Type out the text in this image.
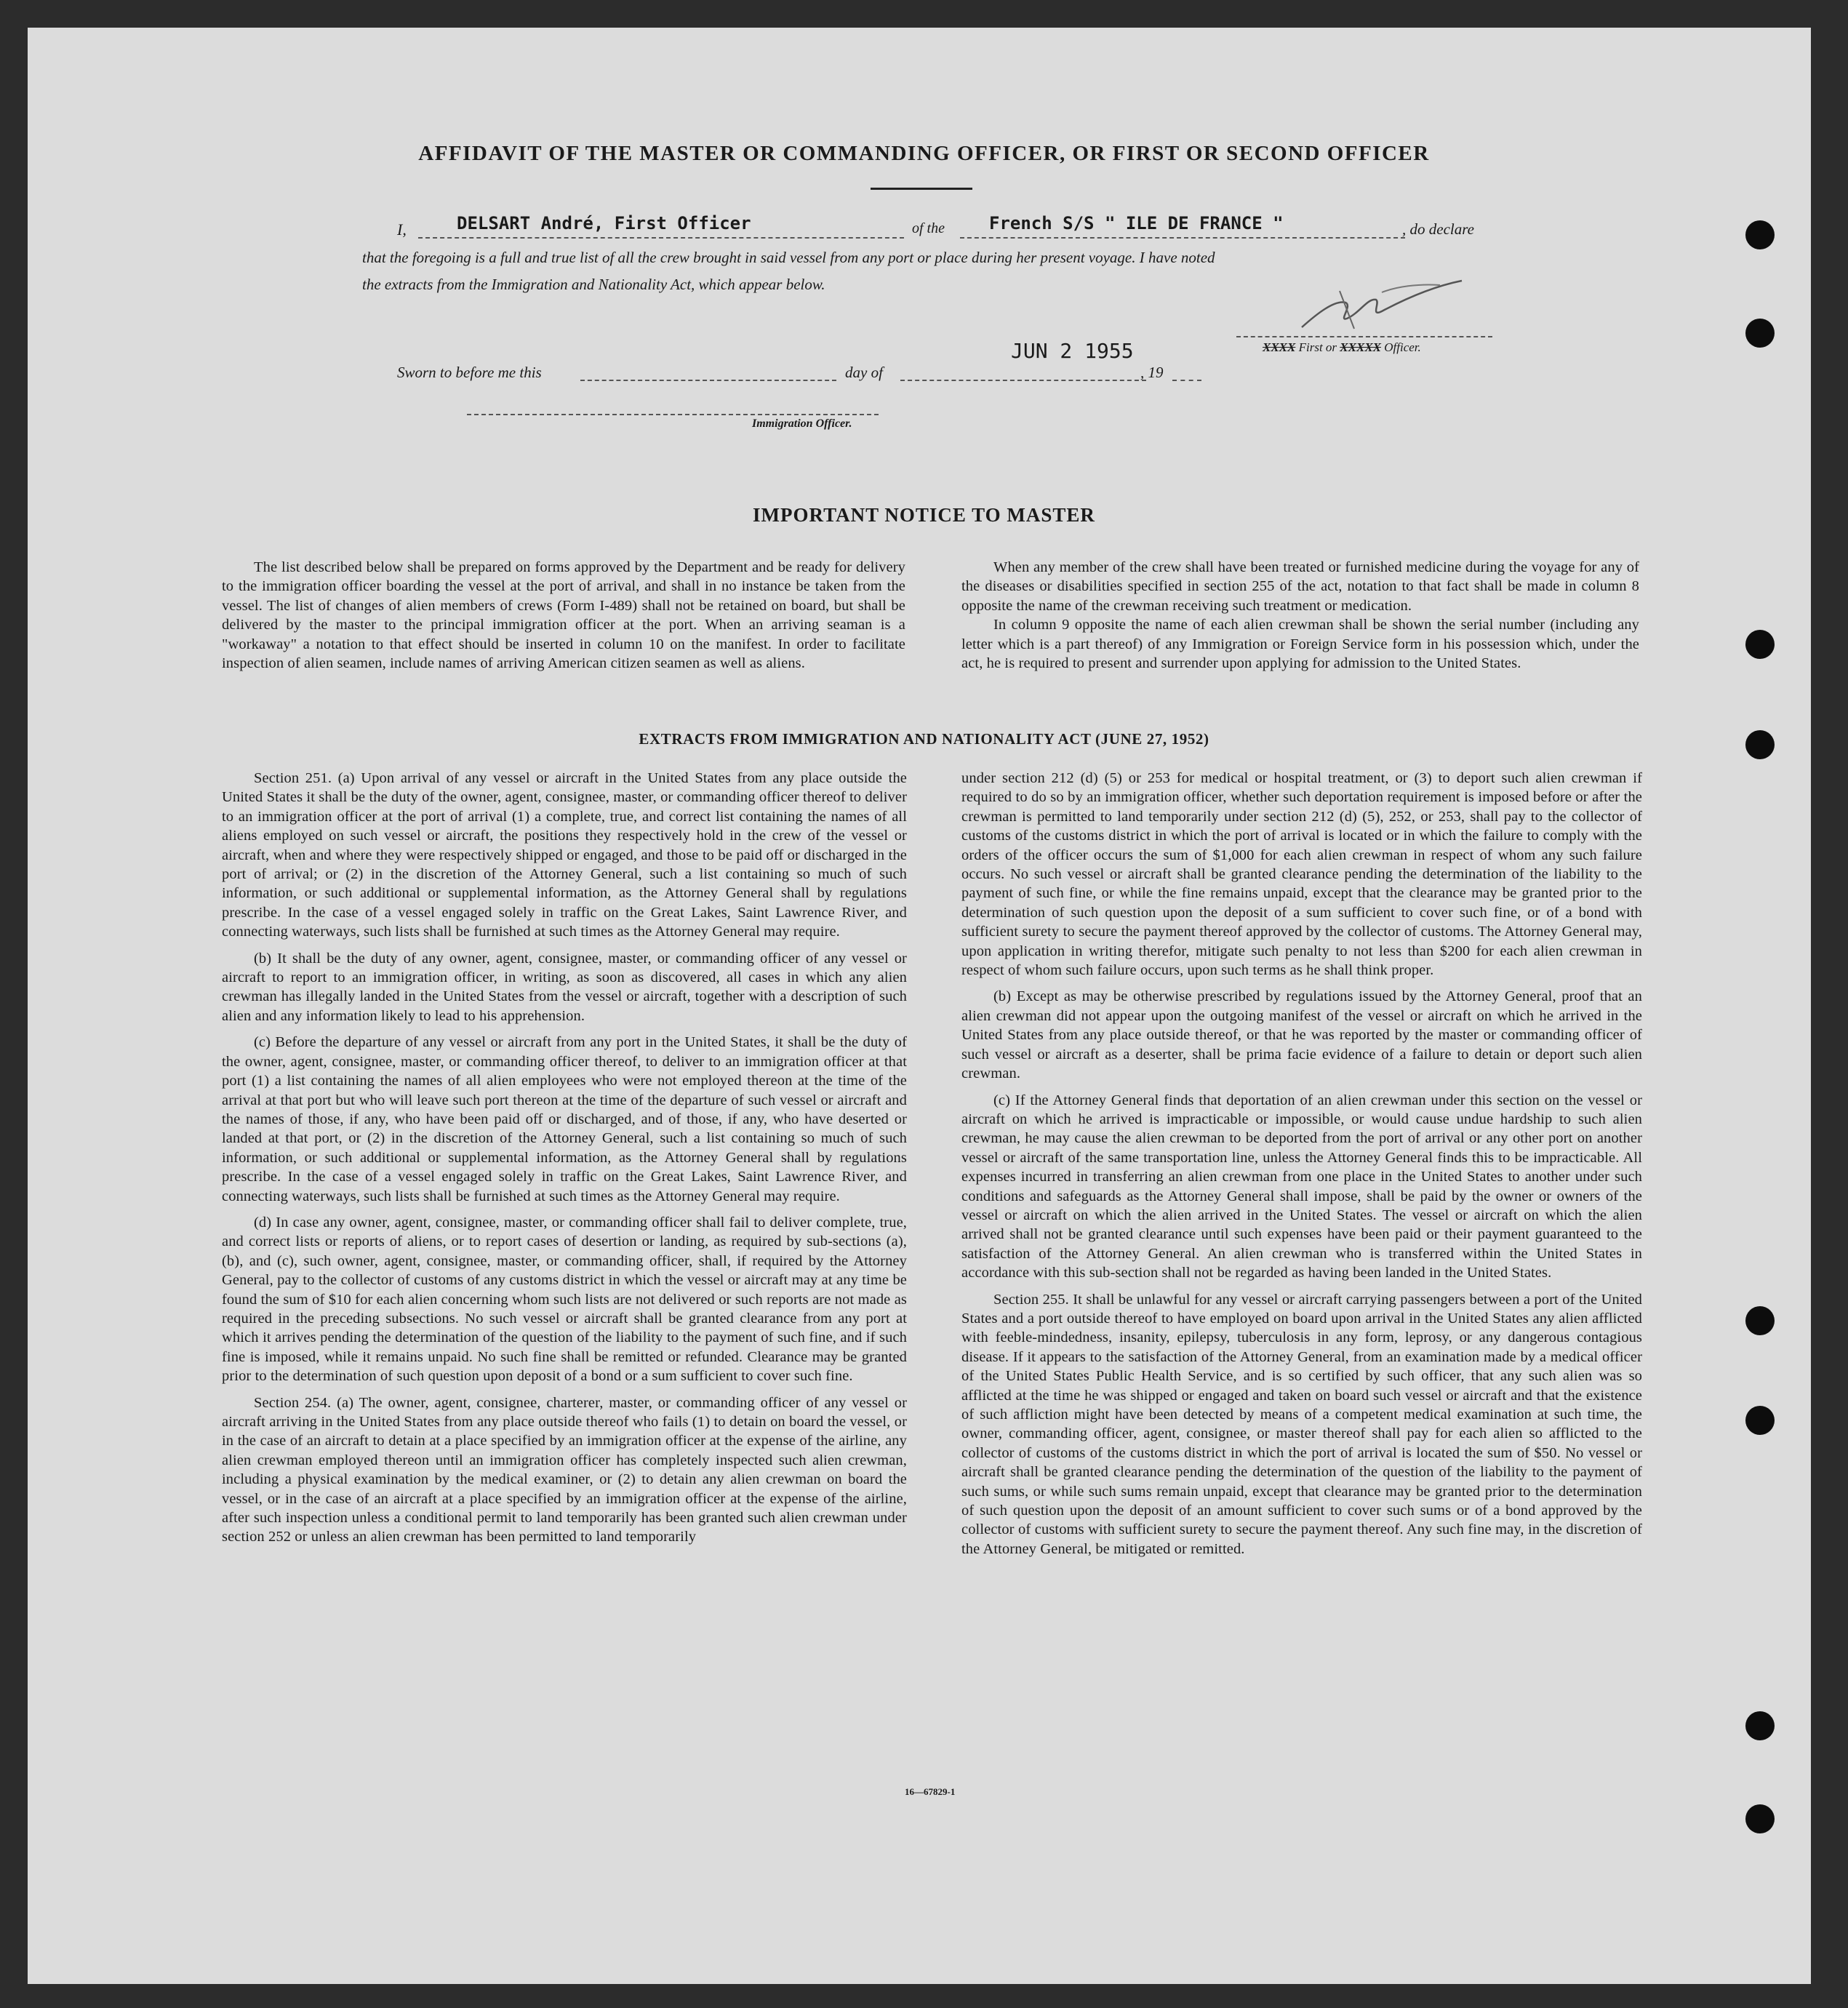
AFFIDAVIT OF THE MASTER OR COMMANDING OFFICER, OR FIRST OR SECOND OFFICER
I,	DELSART André, First Officer	of the	French S/S " ILE DE FRANCE "	, do declare
that the foregoing is a full and true list of all the crew brought in said vessel from any port or place during her present voyage. I have noted
the extracts from the Immigration and Nationality Act, which appear below.
XXXX First or XXXXX Officer.
Sworn to before me this	day of
JUN 2 1955
, 19
Immigration Officer.
IMPORTANT NOTICE TO MASTER

The list described below shall be prepared on forms approved by the Department and be ready for delivery to the immigration officer boarding the vessel at the port of arrival, and shall in no instance be taken from the vessel. The list of changes of alien members of crews (Form I-489) shall not be retained on board, but shall be delivered by the master to the principal immigration officer at the port. When an arriving seaman is a "workaway" a notation to that effect should be inserted in column 10 on the manifest. In order to facilitate inspection of alien seamen, include names of arriving American citizen seamen as well as aliens.

When any member of the crew shall have been treated or furnished medicine during the voyage for any of the diseases or disabilities specified in section 255 of the act, notation to that fact shall be made in column 8 opposite the name of the crewman receiving such treatment or medication.

In column 9 opposite the name of each alien crewman shall be shown the serial number (including any letter which is a part thereof) of any Immigration or Foreign Service form in his possession which, under the act, he is required to present and surrender upon applying for admission to the United States.

EXTRACTS FROM IMMIGRATION AND NATIONALITY ACT (JUNE 27, 1952)

Section 251. (a) Upon arrival of any vessel or aircraft in the United States from any place outside the United States it shall be the duty of the owner, agent, consignee, master, or commanding officer thereof to deliver to an immigration officer at the port of arrival (1) a complete, true, and correct list containing the names of all aliens employed on such vessel or aircraft, the positions they respectively hold in the crew of the vessel or aircraft, when and where they were respectively shipped or engaged, and those to be paid off or discharged in the port of arrival; or (2) in the discretion of the Attorney General, such a list containing so much of such information, or such additional or supplemental information, as the Attorney General shall by regulations prescribe. In the case of a vessel engaged solely in traffic on the Great Lakes, Saint Lawrence River, and connecting waterways, such lists shall be furnished at such times as the Attorney General may require.

(b) It shall be the duty of any owner, agent, consignee, master, or commanding officer of any vessel or aircraft to report to an immigration officer, in writing, as soon as discovered, all cases in which any alien crewman has illegally landed in the United States from the vessel or aircraft, together with a description of such alien and any information likely to lead to his apprehension.

(c) Before the departure of any vessel or aircraft from any port in the United States, it shall be the duty of the owner, agent, consignee, master, or commanding officer thereof, to deliver to an immigration officer at that port (1) a list containing the names of all alien employees who were not employed thereon at the time of the arrival at that port but who will leave such port thereon at the time of the departure of such vessel or aircraft and the names of those, if any, who have been paid off or discharged, and of those, if any, who have deserted or landed at that port, or (2) in the discretion of the Attorney General, such a list containing so much of such information, or such additional or supplemental information, as the Attorney General shall by regulations prescribe. In the case of a vessel engaged solely in traffic on the Great Lakes, Saint Lawrence River, and connecting waterways, such lists shall be furnished at such times as the Attorney General may require.

(d) In case any owner, agent, consignee, master, or commanding officer shall fail to deliver complete, true, and correct lists or reports of aliens, or to report cases of desertion or landing, as required by sub-sections (a), (b), and (c), such owner, agent, consignee, master, or commanding officer, shall, if required by the Attorney General, pay to the collector of customs of any customs district in which the vessel or aircraft may at any time be found the sum of $10 for each alien concerning whom such lists are not delivered or such reports are not made as required in the preceding subsections. No such vessel or aircraft shall be granted clearance from any port at which it arrives pending the determination of the question of the liability to the payment of such fine, and if such fine is imposed, while it remains unpaid. No such fine shall be remitted or refunded. Clearance may be granted prior to the determination of such question upon deposit of a bond or a sum sufficient to cover such fine.

Section 254. (a) The owner, agent, consignee, charterer, master, or commanding officer of any vessel or aircraft arriving in the United States from any place outside thereof who fails (1) to detain on board the vessel, or in the case of an aircraft to detain at a place specified by an immigration officer at the expense of the airline, any alien crewman employed thereon until an immigration officer has completely inspected such alien crewman, including a physical examination by the medical examiner, or (2) to detain any alien crewman on board the vessel, or in the case of an aircraft at a place specified by an immigration officer at the expense of the airline, after such inspection unless a conditional permit to land temporarily has been granted such alien crewman under section 252 or unless an alien crewman has been permitted to land temporarily

under section 212 (d) (5) or 253 for medical or hospital treatment, or (3) to deport such alien crewman if required to do so by an immigration officer, whether such deportation requirement is imposed before or after the crewman is permitted to land temporarily under section 212 (d) (5), 252, or 253, shall pay to the collector of customs of the customs district in which the port of arrival is located or in which the failure to comply with the orders of the officer occurs the sum of $1,000 for each alien crewman in respect of whom any such failure occurs. No such vessel or aircraft shall be granted clearance pending the determination of the liability to the payment of such fine, or while the fine remains unpaid, except that the clearance may be granted prior to the determination of such question upon the deposit of a sum sufficient to cover such fine, or of a bond with sufficient surety to secure the payment thereof approved by the collector of customs. The Attorney General may, upon application in writing therefor, mitigate such penalty to not less than $200 for each alien crewman in respect of whom such failure occurs, upon such terms as he shall think proper.

(b) Except as may be otherwise prescribed by regulations issued by the Attorney General, proof that an alien crewman did not appear upon the outgoing manifest of the vessel or aircraft on which he arrived in the United States from any place outside thereof, or that he was reported by the master or commanding officer of such vessel or aircraft as a deserter, shall be prima facie evidence of a failure to detain or deport such alien crewman.

(c) If the Attorney General finds that deportation of an alien crewman under this section on the vessel or aircraft on which he arrived is impracticable or impossible, or would cause undue hardship to such alien crewman, he may cause the alien crewman to be deported from the port of arrival or any other port on another vessel or aircraft of the same transportation line, unless the Attorney General finds this to be impracticable. All expenses incurred in transferring an alien crewman from one place in the United States to another under such conditions and safeguards as the Attorney General shall impose, shall be paid by the owner or owners of the vessel or aircraft on which the alien arrived in the United States. The vessel or aircraft on which the alien arrived shall not be granted clearance until such expenses have been paid or their payment guaranteed to the satisfaction of the Attorney General. An alien crewman who is transferred within the United States in accordance with this sub-section shall not be regarded as having been landed in the United States.

Section 255. It shall be unlawful for any vessel or aircraft carrying passengers between a port of the United States and a port outside thereof to have employed on board upon arrival in the United States any alien afflicted with feeble-mindedness, insanity, epilepsy, tuberculosis in any form, leprosy, or any dangerous contagious disease. If it appears to the satisfaction of the Attorney General, from an examination made by a medical officer of the United States Public Health Service, and is so certified by such officer, that any such alien was so afflicted at the time he was shipped or engaged and taken on board such vessel or aircraft and that the existence of such affliction might have been detected by means of a competent medical examination at such time, the owner, commanding officer, agent, consignee, or master thereof shall pay for each alien so afflicted to the collector of customs of the customs district in which the port of arrival is located the sum of $50. No vessel or aircraft shall be granted clearance pending the determination of the question of the liability to the payment of such sums, or while such sums remain unpaid, except that clearance may be granted prior to the determination of such question upon the deposit of an amount sufficient to cover such sums or of a bond approved by the collector of customs with sufficient surety to secure the payment thereof. Any such fine may, in the discretion of the Attorney General, be mitigated or remitted.

16—67829-1
